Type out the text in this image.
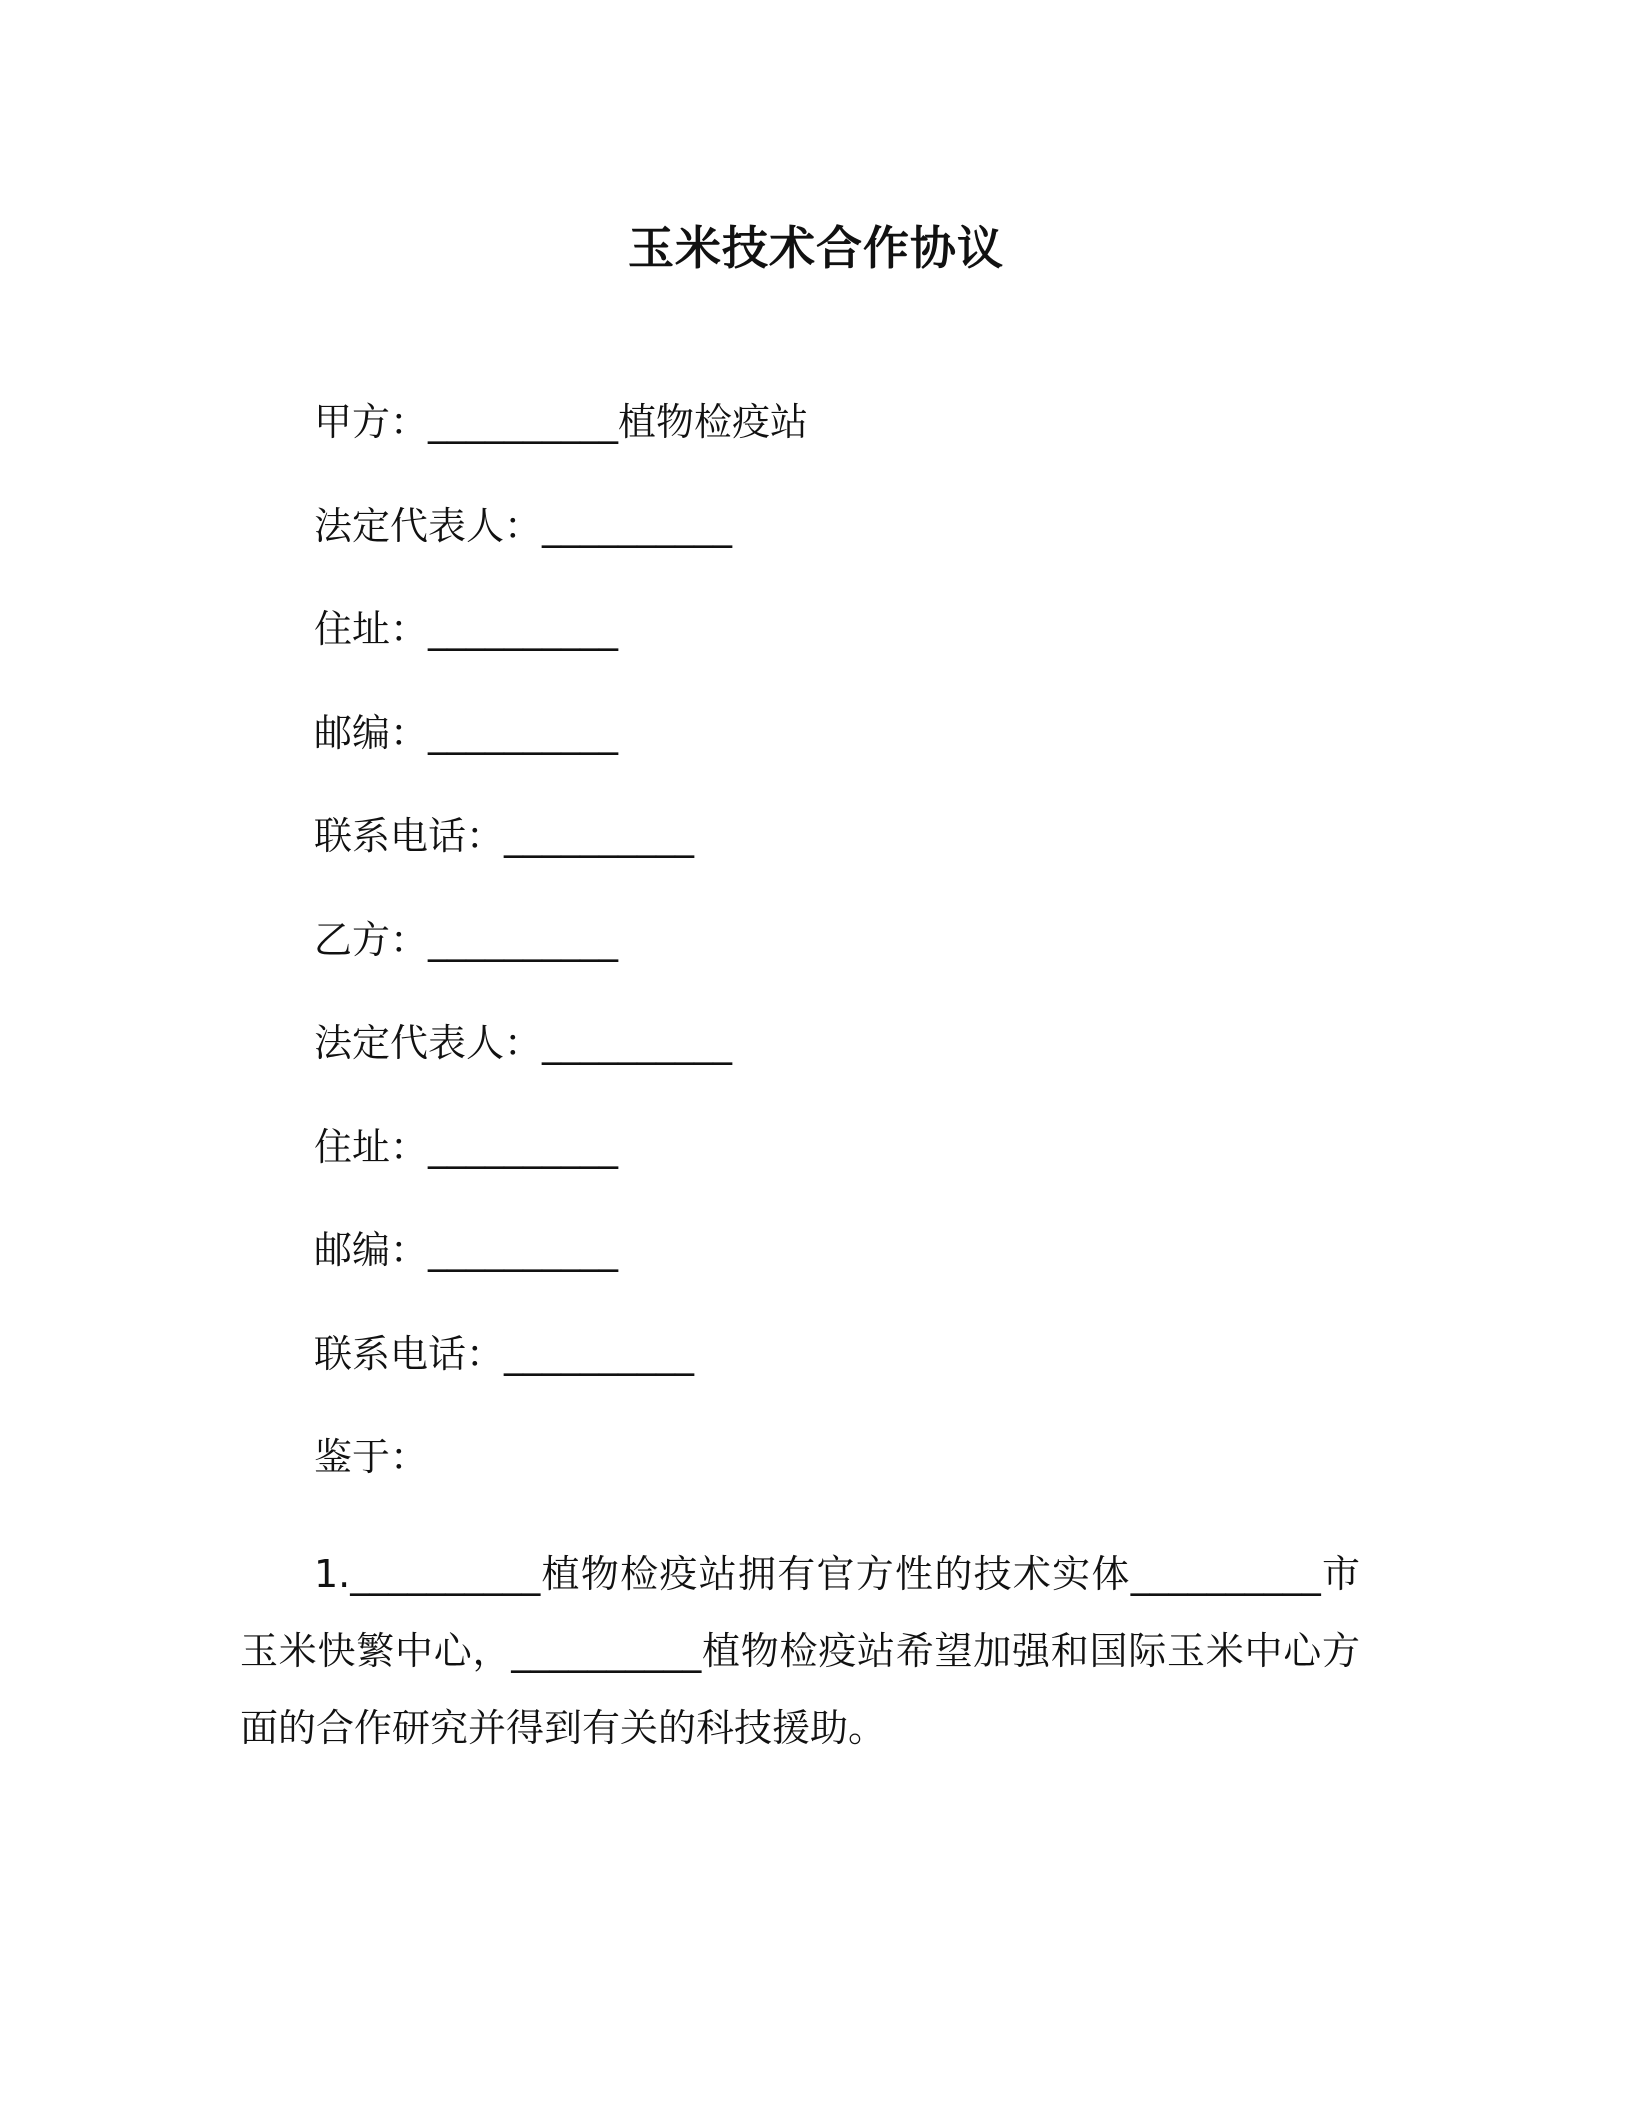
玉米技术合作协议
甲方：__________植物检疫站
法定代表人：__________
住址：__________
邮编：__________
联系电话：__________
乙方：__________
法定代表人：__________
住址：__________
邮编：__________
联系电话：__________
鉴于：
1.__________植物检疫站拥有官方性的技术实体__________市玉米快繁中心，__________植物检疫站希望加强和国际玉米中心方面的合作研究并得到有关的科技援助。
